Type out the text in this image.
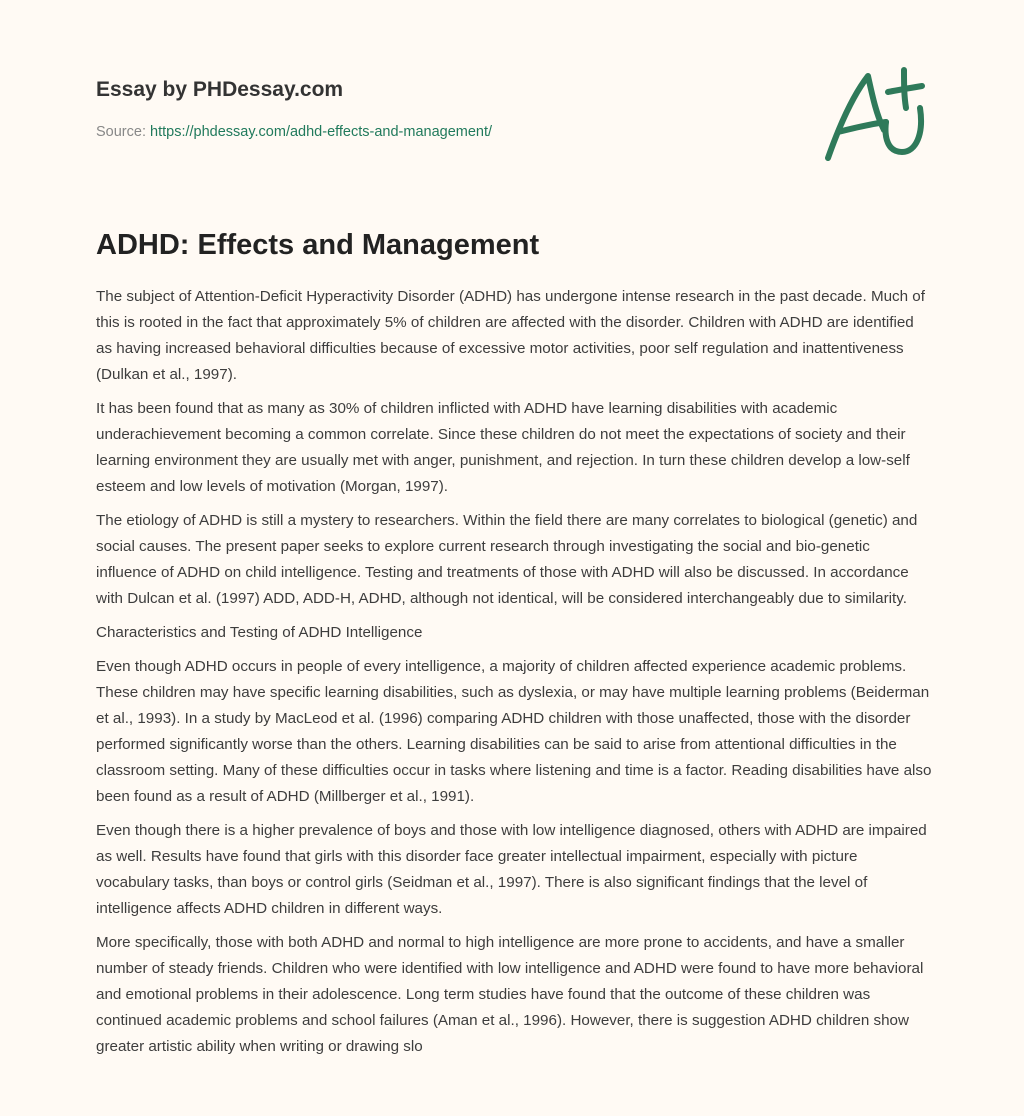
Essay by PHDessay.com
Source: https://phdessay.com/adhd-effects-and-management/
ADHD: Effects and Management

The subject of Attention-Deficit Hyperactivity Disorder (ADHD) has undergone intense research in the past decade. Much of this is rooted in the fact that approximately 5% of children are affected with the disorder. Children with ADHD are identified as having increased behavioral difficulties because of excessive motor activities, poor self regulation and inattentiveness (Dulkan et al., 1997).

It has been found that as many as 30% of children inflicted with ADHD have learning disabilities with academic underachievement becoming a common correlate. Since these children do not meet the expectations of society and their learning environment they are usually met with anger, punishment, and rejection. In turn these children develop a low-self esteem and low levels of motivation (Morgan, 1997).

The etiology of ADHD is still a mystery to researchers. Within the field there are many correlates to biological (genetic) and social causes. The present paper seeks to explore current research through investigating the social and bio-genetic influence of ADHD on child intelligence. Testing and treatments of those with ADHD will also be discussed. In accordance with Dulcan et al. (1997) ADD, ADD-H, ADHD, although not identical, will be considered interchangeably due to similarity.

Characteristics and Testing of ADHD Intelligence

Even though ADHD occurs in people of every intelligence, a majority of children affected experience academic problems. These children may have specific learning disabilities, such as dyslexia, or may have multiple learning problems (Beiderman et al., 1993). In a study by MacLeod et al. (1996) comparing ADHD children with those unaffected, those with the disorder performed significantly worse than the others. Learning disabilities can be said to arise from attentional difficulties in the classroom setting. Many of these difficulties occur in tasks where listening and time is a factor. Reading disabilities have also been found as a result of ADHD (Millberger et al., 1991).

Even though there is a higher prevalence of boys and those with low intelligence diagnosed, others with ADHD are impaired as well. Results have found that girls with this disorder face greater intellectual impairment, especially with picture vocabulary tasks, than boys or control girls (Seidman et al., 1997). There is also significant findings that the level of intelligence affects ADHD children in different ways.

More specifically, those with both ADHD and normal to high intelligence are more prone to accidents, and have a smaller number of steady friends. Children who were identified with low intelligence and ADHD were found to have more behavioral and emotional problems in their adolescence. Long term studies have found that the outcome of these children was continued academic problems and school failures (Aman et al., 1996). However, there is suggestion ADHD children show greater artistic ability when writing or drawing slo
